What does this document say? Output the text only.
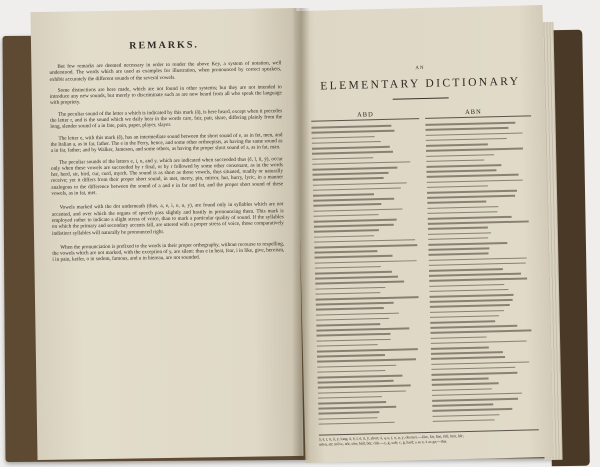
REMARKS.

But few remarks are deemed necessary in order to render the above Key, a system of notation, well understood. The words which are used as examples for illustration, when pronounced by correct speakers, exhibit accurately the different sounds of the several vowels.

Some distinctions are here made, which are not found in other systems; but they are not intended to introduce any new sounds, but merely to discriminate such as are now heard from all who speak the language with propriety.

The peculiar sound of the letter a which is indicated by this mark (â), is here heard, except when it precedes the letter r, and is the sound which we daily hear in the words care, fair, pair, share, differing plainly from the long, slender sound of a in fate, pain, paper, player, slayer.

The letter e, with this mark (ê), has an intermediate sound between the short sound of e, as in fet, men, and the Italian a, as in far, father. The e in the Ferry, hence, and some other orthoepists, as having the same sound as a in far, father; and by Walker, Jameson, and some others, as having the proper short sound of a, as in fat, man.

The peculiar sounds of the letters e, i, u, and y, which are indicated when succeeded thus (ē, ī, ū, ȳ), occur only when these vowels are succeeded by r final, or by r followed by some other consonant, as in the words her, herd, sir, bird, cur, curd, myrrh. The sound is as short as those vowels, thus situated, readily or naturally receive; yet it differs from their proper short sound, in met, merry, pin, mirror, hut, hurry, lyric, in a manner analogous to the difference between the sound of a and e in far and fat, and the proper short sound of these vowels, as in fat, met.

Vowels marked with the dot underneath (thus, a, e, i, o, u, y), are found only in syllables which are not accented, and over which the organs of speech pass slightly and hastily in pronouncing them. This mark is employed rather to indicate a slight stress of voice, than to mark a particular quality of sound. If the syllables on which the primary and secondary accents fall, are uttered with a proper stress of voice, those comparatively indistinct syllables will naturally be pronounced right.

When the pronunciation is prefixed to the words in their proper orthography, without recourse to respelling, the vowels which are not marked, with the exception of y, are silent: thus e in heat, fear, i in like, give, heroism, i in pain, keifer, o in sodom, famous, and u in hiereau, are not sounded.

AN
ELEMENTARY DICTIONARY
ABD	ABN
ā, ē, ī, ō, ū, ȳ, long; ă, ĕ, ĭ, ŏ, ŭ, ỹ, short; ä, ą, ẹ, ị, ọ, ụ, ỵ, obscure.—fâre, fär, fåst, fäll; hēir, hẽr;
mīen, sīr; mōve, nōr, sōn; büll, bür, rüle.—ç, ǵ, soft; c, ǵ, hard; ṣ as z; ẋ as gz;—this.
